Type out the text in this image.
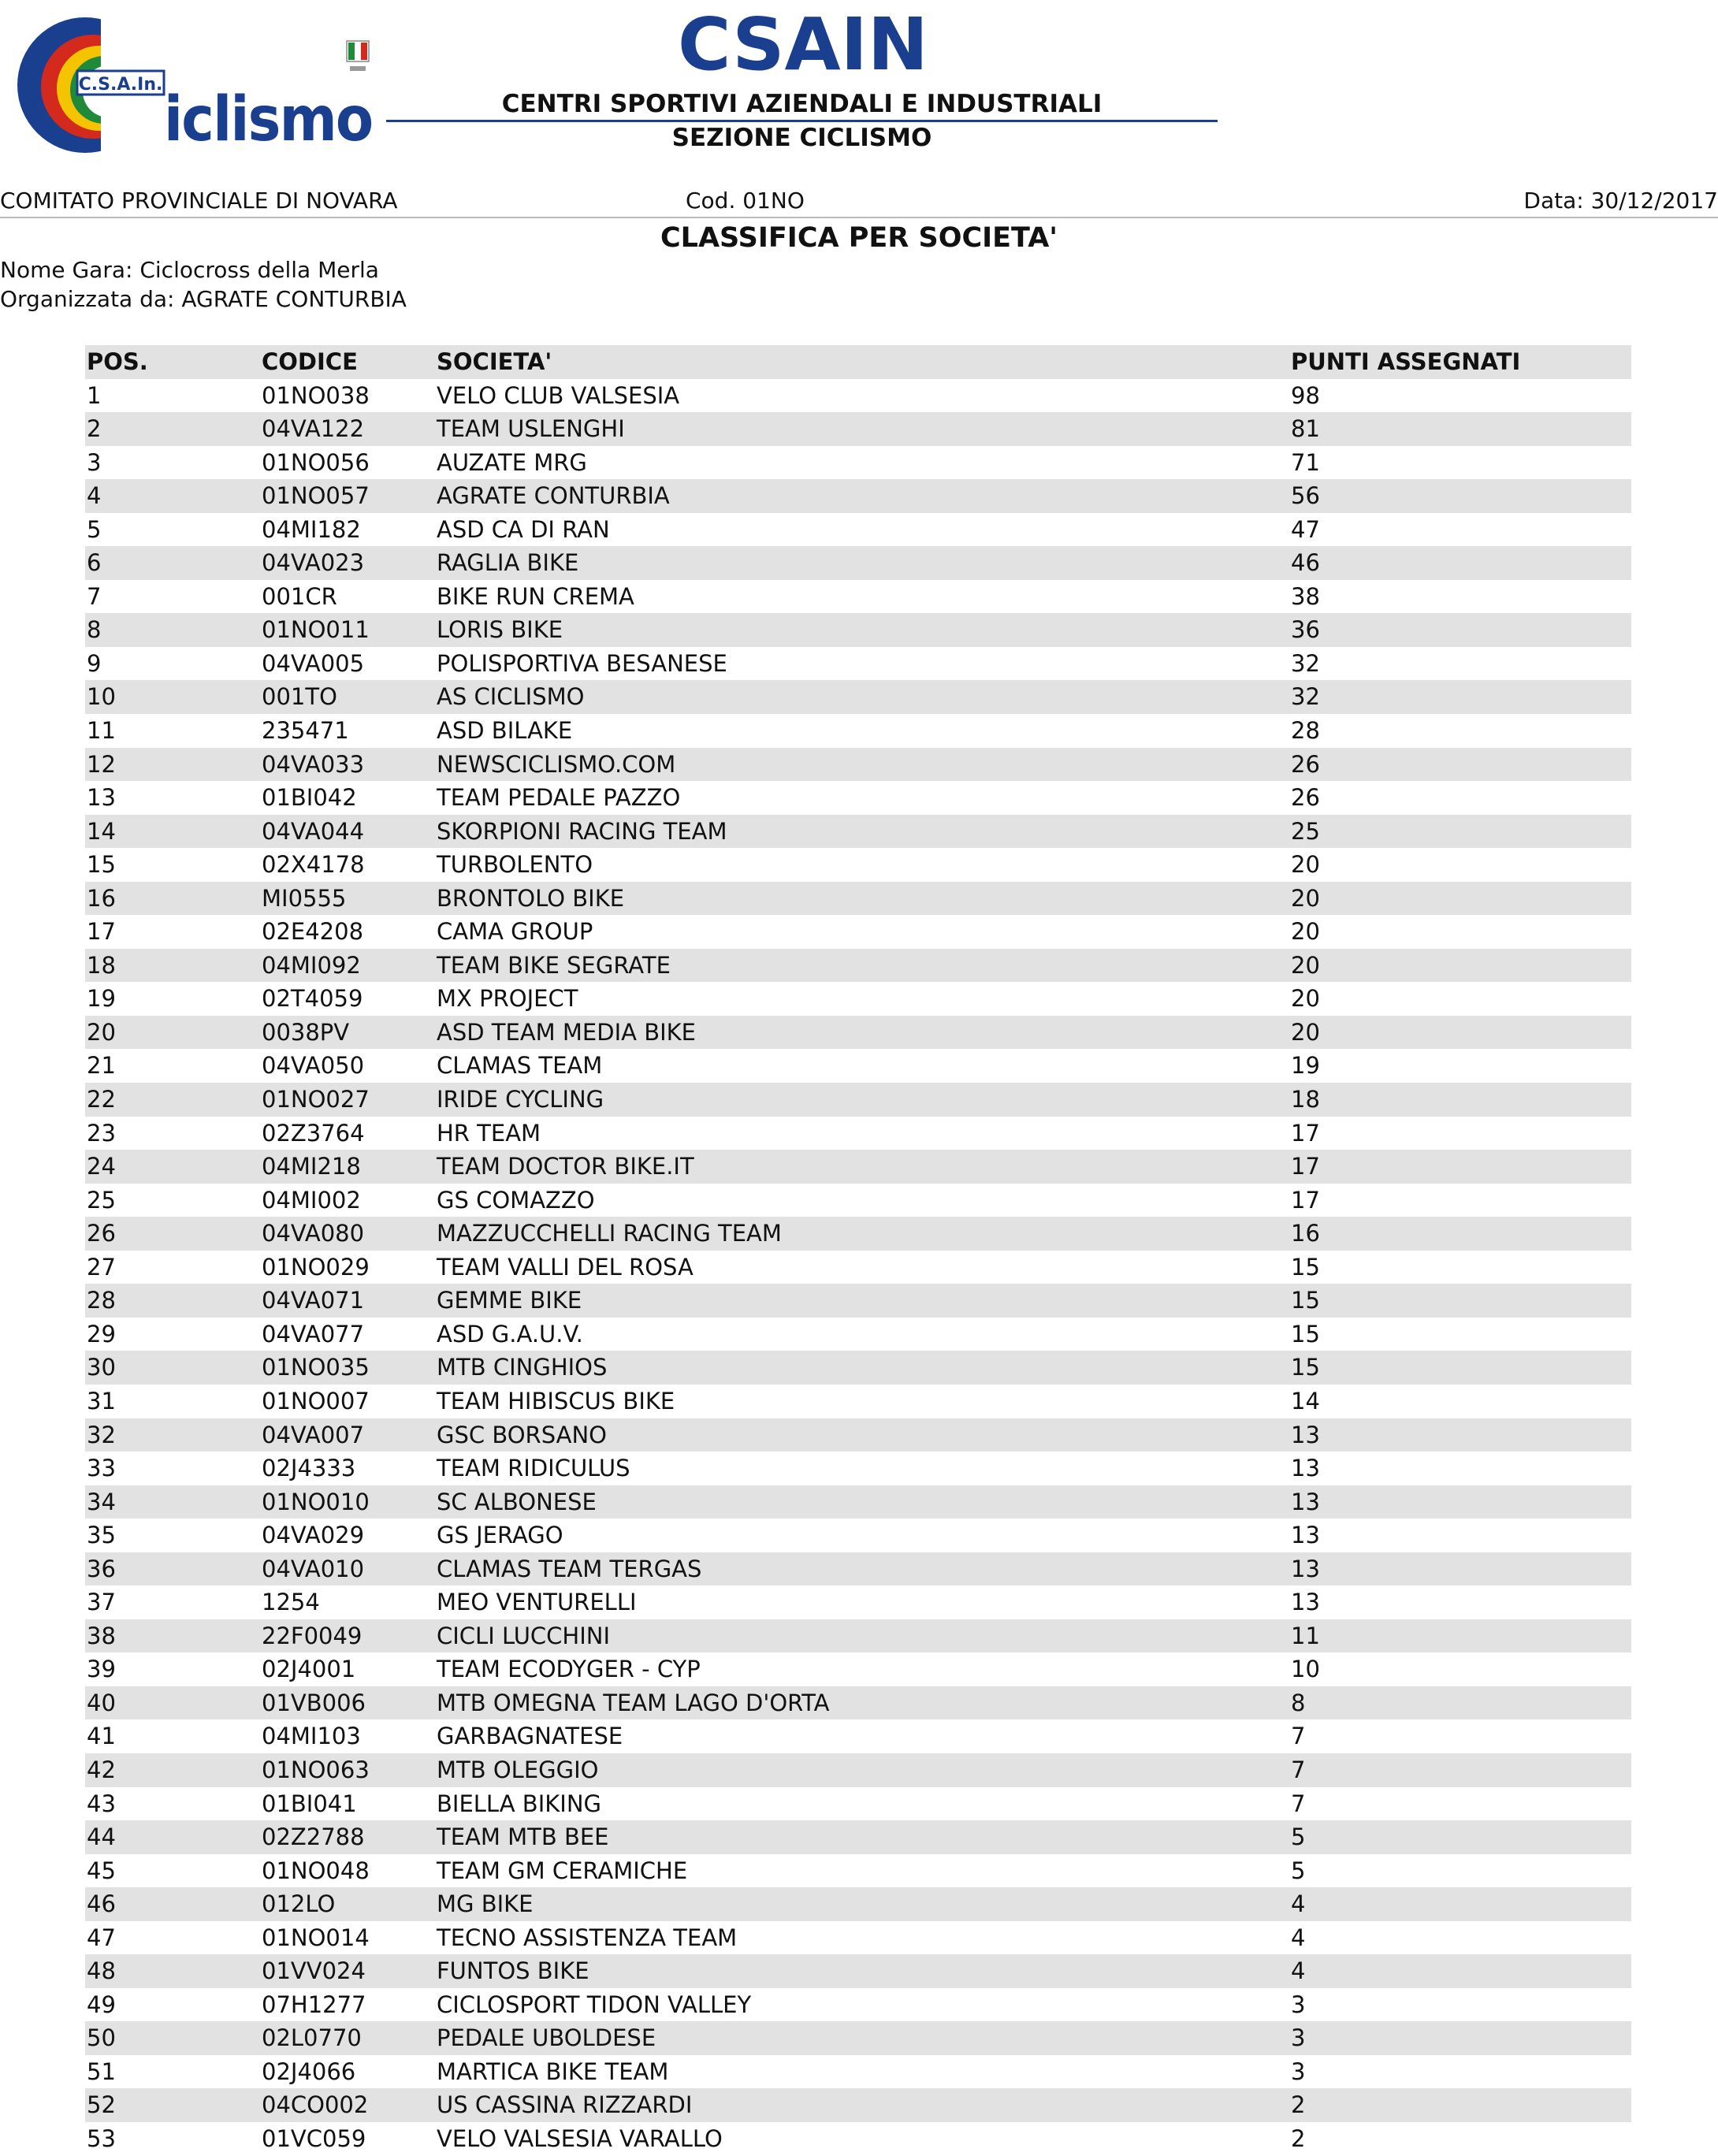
C.S.A.In. iclismo
CSAIN
CENTRI SPORTIVI AZIENDALI E INDUSTRIALI
SEZIONE CICLISMO
COMITATO PROVINCIALE DI NOVARA	Cod. 01NO	Data: 30/12/2017
CLASSIFICA PER SOCIETA'
Nome Gara: Ciclocross della Merla
Organizzata da: AGRATE CONTURBIA
POS.	CODICE	SOCIETA'	PUNTI ASSEGNATI
1	01NO038	VELO CLUB VALSESIA	98
2	04VA122	TEAM USLENGHI	81
3	01NO056	AUZATE MRG	71
4	01NO057	AGRATE CONTURBIA	56
5	04MI182	ASD CA DI RAN	47
6	04VA023	RAGLIA BIKE	46
7	001CR	BIKE RUN CREMA	38
8	01NO011	LORIS BIKE	36
9	04VA005	POLISPORTIVA BESANESE	32
10	001TO	AS CICLISMO	32
11	235471	ASD BILAKE	28
12	04VA033	NEWSCICLISMO.COM	26
13	01BI042	TEAM PEDALE PAZZO	26
14	04VA044	SKORPIONI RACING TEAM	25
15	02X4178	TURBOLENTO	20
16	MI0555	BRONTOLO BIKE	20
17	02E4208	CAMA GROUP	20
18	04MI092	TEAM BIKE SEGRATE	20
19	02T4059	MX PROJECT	20
20	0038PV	ASD TEAM MEDIA BIKE	20
21	04VA050	CLAMAS TEAM	19
22	01NO027	IRIDE CYCLING	18
23	02Z3764	HR TEAM	17
24	04MI218	TEAM DOCTOR BIKE.IT	17
25	04MI002	GS COMAZZO	17
26	04VA080	MAZZUCCHELLI RACING TEAM	16
27	01NO029	TEAM VALLI DEL ROSA	15
28	04VA071	GEMME BIKE	15
29	04VA077	ASD G.A.U.V.	15
30	01NO035	MTB CINGHIOS	15
31	01NO007	TEAM HIBISCUS BIKE	14
32	04VA007	GSC BORSANO	13
33	02J4333	TEAM RIDICULUS	13
34	01NO010	SC ALBONESE	13
35	04VA029	GS JERAGO	13
36	04VA010	CLAMAS TEAM TERGAS	13
37	1254	MEO VENTURELLI	13
38	22F0049	CICLI LUCCHINI	11
39	02J4001	TEAM ECODYGER - CYP	10
40	01VB006	MTB OMEGNA TEAM LAGO D'ORTA	8
41	04MI103	GARBAGNATESE	7
42	01NO063	MTB OLEGGIO	7
43	01BI041	BIELLA BIKING	7
44	02Z2788	TEAM MTB BEE	5
45	01NO048	TEAM GM CERAMICHE	5
46	012LO	MG BIKE	4
47	01NO014	TECNO ASSISTENZA TEAM	4
48	01VV024	FUNTOS BIKE	4
49	07H1277	CICLOSPORT TIDON VALLEY	3
50	02L0770	PEDALE UBOLDESE	3
51	02J4066	MARTICA BIKE TEAM	3
52	04CO002	US CASSINA RIZZARDI	2
53	01VC059	VELO VALSESIA VARALLO	2
